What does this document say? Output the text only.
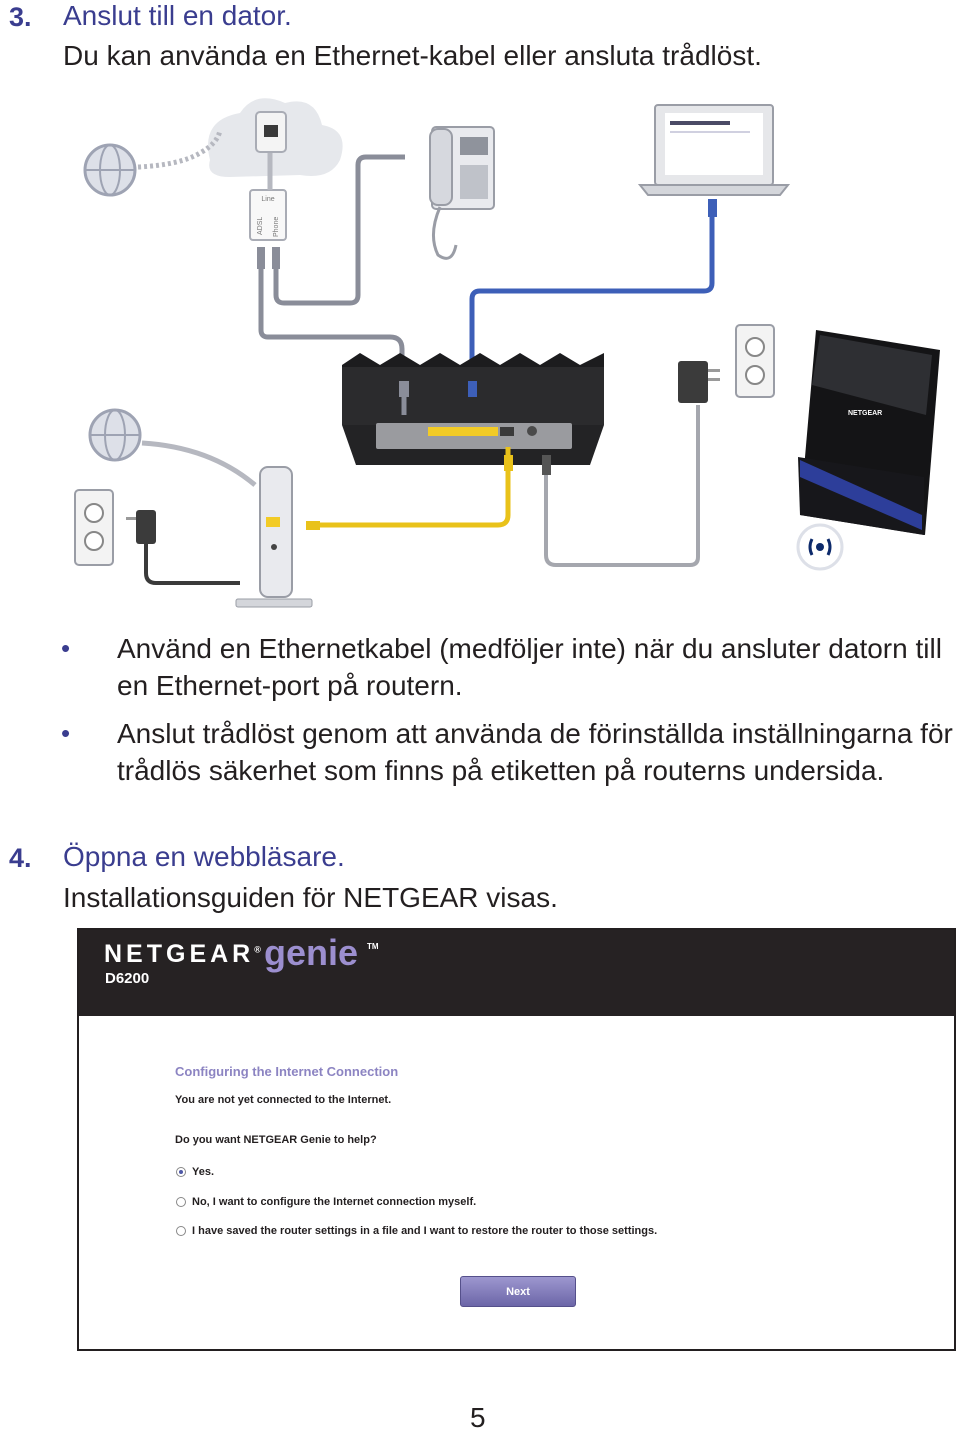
3. Anslut till en dator.
Du kan använda en Ethernet-kabel eller ansluta trådlöst.
Line
ADSL Phone
NETGEAR
• Använd en Ethernetkabel (medföljer inte) när du ansluter datorn till en Ethernet-port på routern.
• Anslut trådlöst genom att använda de förinställda inställningarna för trådlös säkerhet som finns på etiketten på routerns undersida.
4. Öppna en webbläsare.
Installationsguiden för NETGEAR visas.
NETGEAR® genie TM
D6200
Configuring the Internet Connection
You are not yet connected to the Internet.
Do you want NETGEAR Genie to help?
Yes.
No, I want to configure the Internet connection myself.
I have saved the router settings in a file and I want to restore the router to those settings.
Next
5
